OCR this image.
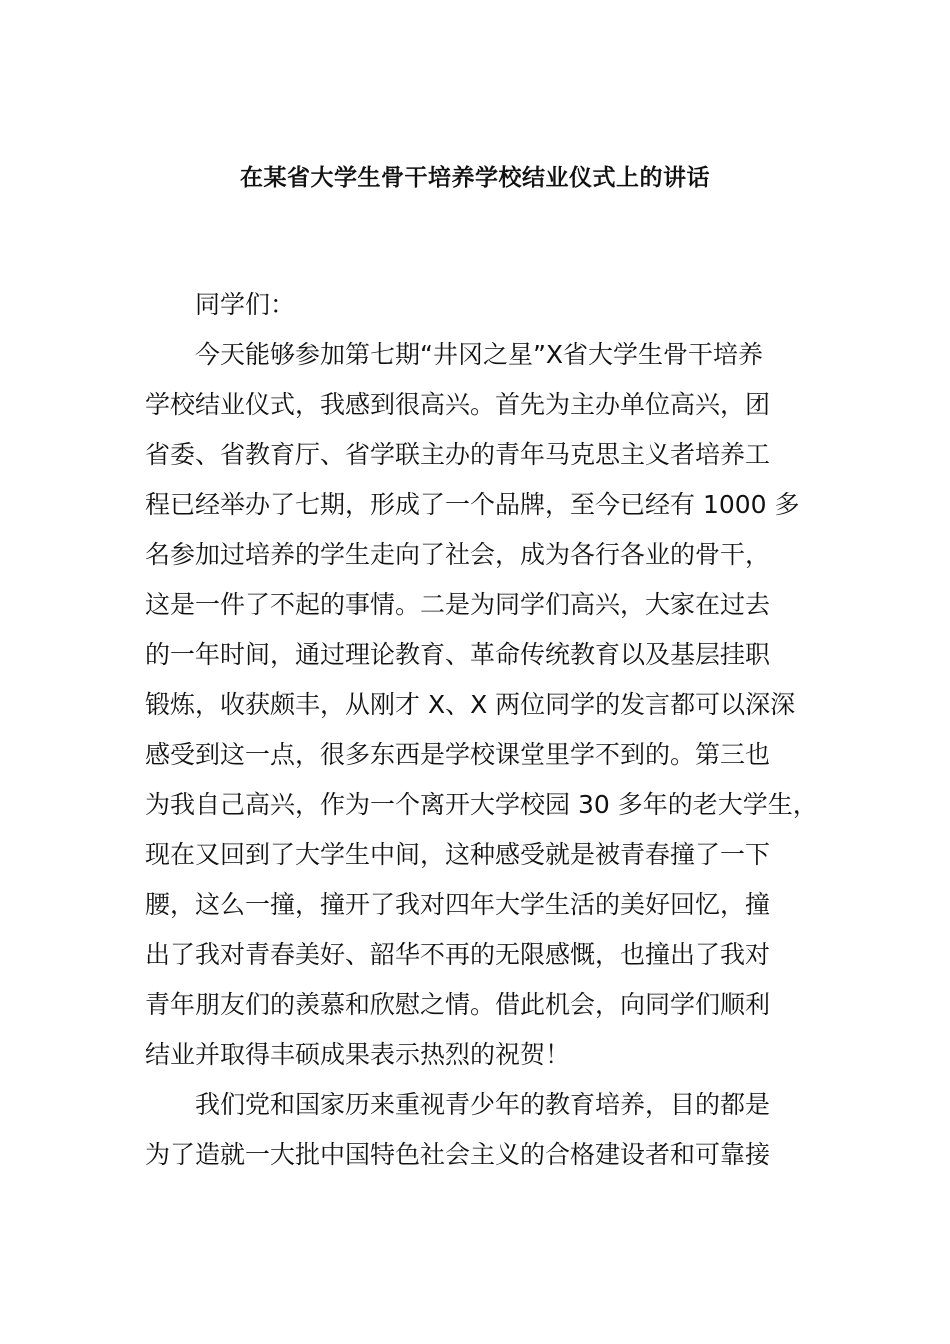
在某省大学生骨干培养学校结业仪式上的讲话
同学们：
今天能够参加第七期“井冈之星”X省大学生骨干培养
学校结业仪式，我感到很高兴。首先为主办单位高兴，团
省委、省教育厅、省学联主办的青年马克思主义者培养工
程已经举办了七期，形成了一个品牌，至今已经有 1000 多
名参加过培养的学生走向了社会，成为各行各业的骨干，
这是一件了不起的事情。二是为同学们高兴，大家在过去
的一年时间，通过理论教育、革命传统教育以及基层挂职
锻炼，收获颇丰，从刚才 X、X 两位同学的发言都可以深深
感受到这一点，很多东西是学校课堂里学不到的。第三也
为我自己高兴，作为一个离开大学校园 30 多年的老大学生，
现在又回到了大学生中间，这种感受就是被青春撞了一下
腰，这么一撞，撞开了我对四年大学生活的美好回忆，撞
出了我对青春美好、韶华不再的无限感慨，也撞出了我对
青年朋友们的羡慕和欣慰之情。借此机会，向同学们顺利
结业并取得丰硕成果表示热烈的祝贺！
我们党和国家历来重视青少年的教育培养，目的都是
为了造就一大批中国特色社会主义的合格建设者和可靠接
